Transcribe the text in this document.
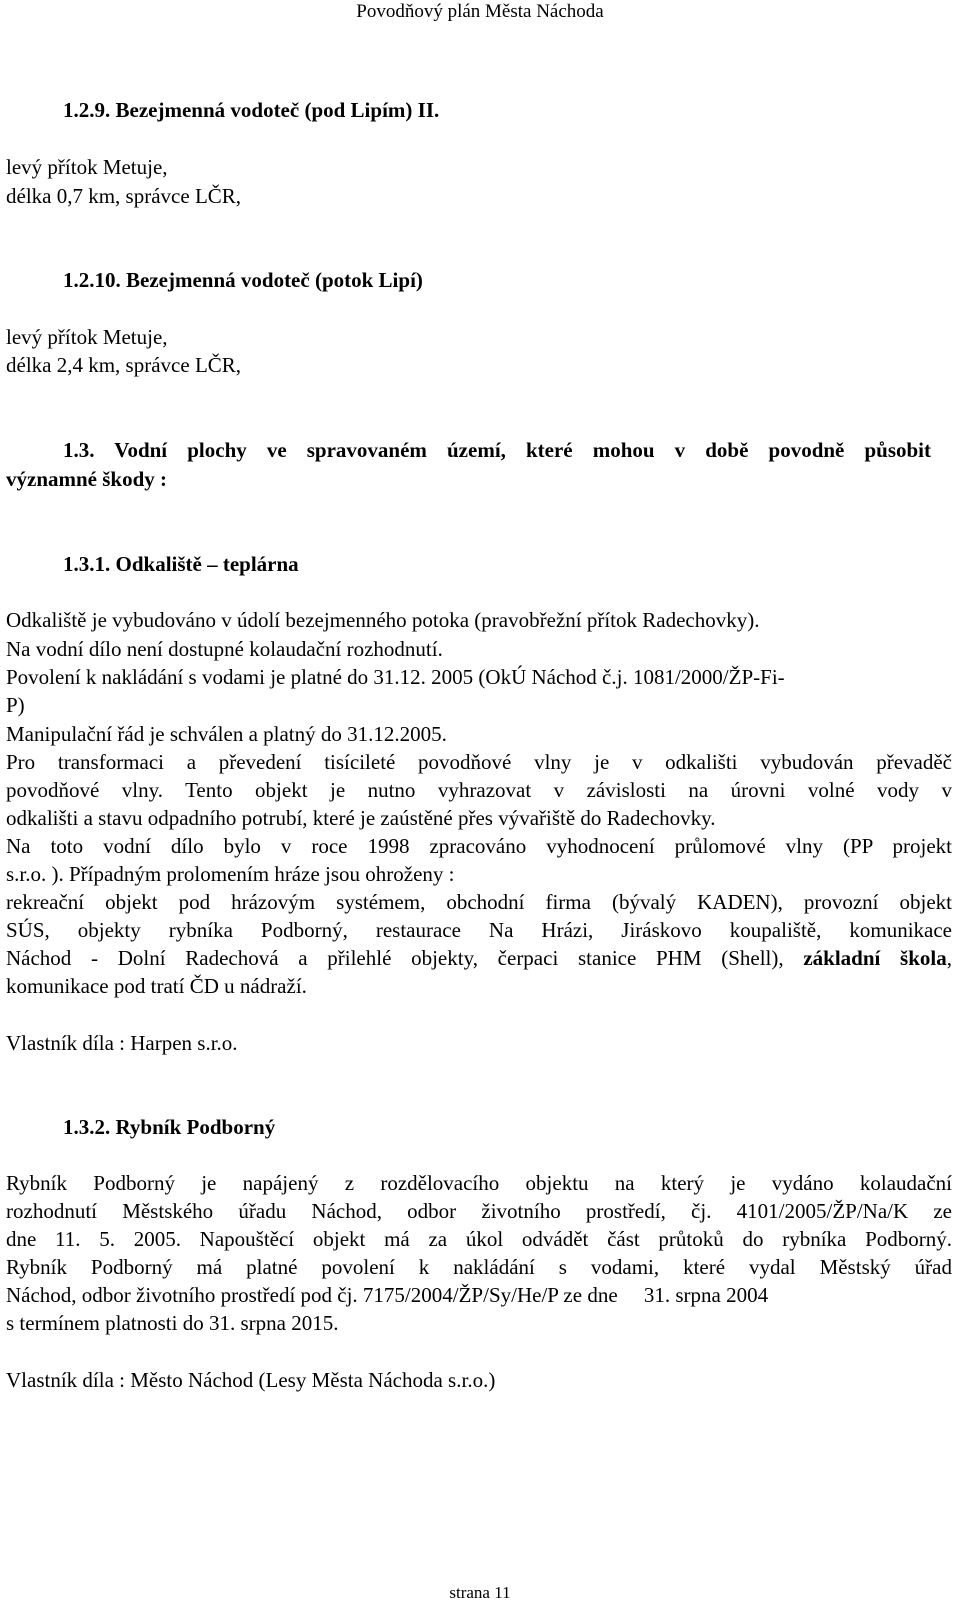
Povodňový plán Města Náchoda
1.2.9. Bezejmenná vodoteč (pod Lipím) II.
levý přítok Metuje,
délka 0,7 km, správce LČR,
1.2.10. Bezejmenná vodoteč (potok Lipí)
levý přítok Metuje,
délka 2,4 km, správce LČR,
1.3. Vodní plochy ve spravovaném území, které mohou v době povodně působit
významné škody :
1.3.1. Odkaliště – teplárna
Odkaliště je vybudováno v údolí bezejmenného potoka (pravobřežní přítok Radechovky).
Na vodní dílo není dostupné kolaudační rozhodnutí.
Povolení k nakládání s vodami je platné do 31.12. 2005 (OkÚ Náchod č.j. 1081/2000/ŽP-Fi-
P)
Manipulační řád je schválen a platný do 31.12.2005.
Pro transformaci a převedení tisícileté povodňové vlny je v odkališti vybudován převaděč
povodňové vlny. Tento objekt je nutno vyhrazovat v závislosti na úrovni volné vody v
odkališti a stavu odpadního potrubí, které je zaústěné přes vývařiště do Radechovky.
Na toto vodní dílo bylo v roce 1998 zpracováno vyhodnocení průlomové vlny (PP projekt
s.r.o. ). Případným prolomením hráze jsou ohroženy :
rekreační objekt pod hrázovým systémem, obchodní firma (bývalý KADEN), provozní objekt
SÚS, objekty rybníka Podborný, restaurace Na Hrázi, Jiráskovo koupaliště, komunikace
Náchod - Dolní Radechová a přilehlé objekty, čerpaci stanice PHM (Shell), základní škola,
komunikace pod tratí ČD u nádraží.
Vlastník díla : Harpen s.r.o.
1.3.2. Rybník Podborný
Rybník Podborný je napájený z rozdělovacího objektu na který je vydáno kolaudační
rozhodnutí Městského úřadu Náchod, odbor životního prostředí, čj. 4101/2005/ŽP/Na/K ze
dne 11. 5. 2005. Napouštěcí objekt má za úkol odvádět část průtoků do rybníka Podborný.
Rybník Podborný má platné povolení k nakládání s vodami, které vydal Městský úřad
Náchod, odbor životního prostředí pod čj. 7175/2004/ŽP/Sy/He/P ze dne     31. srpna 2004
s termínem platnosti do 31. srpna 2015.
Vlastník díla : Město Náchod (Lesy Města Náchoda s.r.o.)
strana 11
